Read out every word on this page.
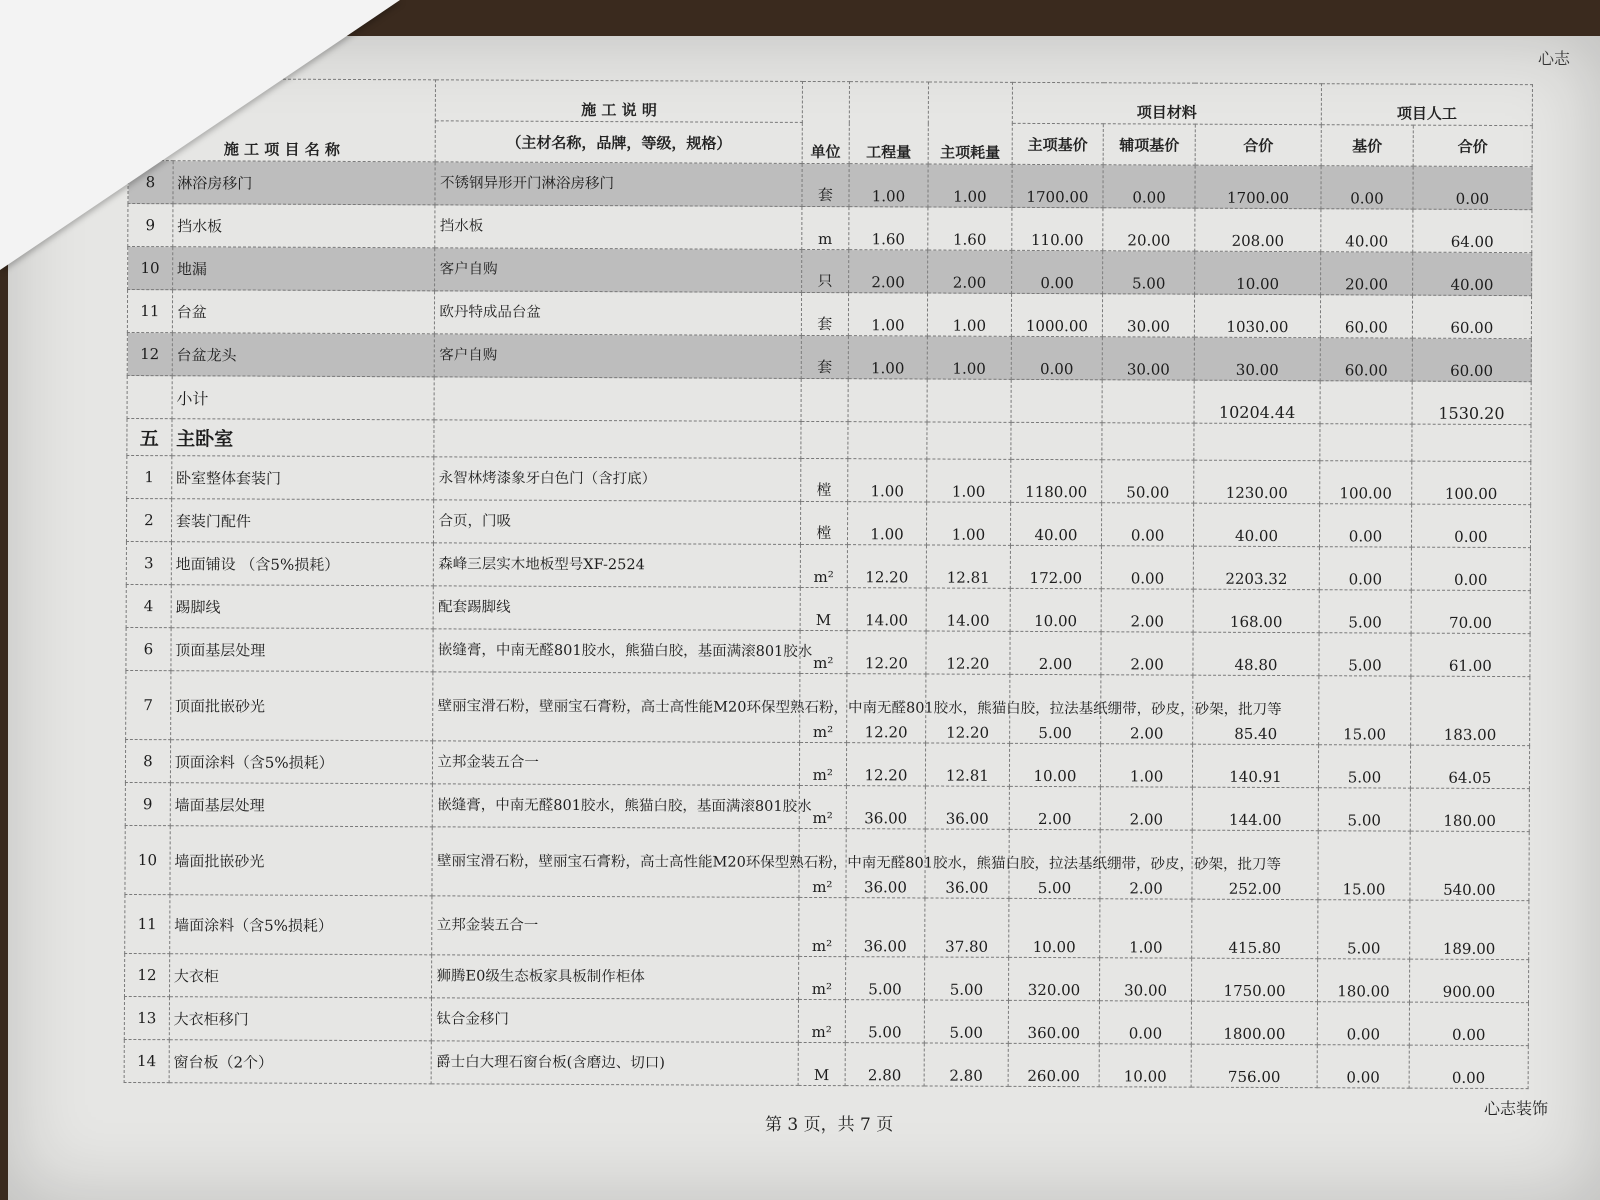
心志
施 工 项 目 名 称		施 工 说 明	单位	工程量	主项耗量	项目材料			项目人工	
		（主材名称，品牌，等级，规格）				主项基价	辅项基价	合价	基价	合价
8	淋浴房移门	不锈钢异形开门淋浴房移门	套	1.00	1.00	1700.00	0.00	1700.00	0.00	0.00
9	挡水板	挡水板	m	1.60	1.60	110.00	20.00	208.00	40.00	64.00
10	地漏	客户自购	只	2.00	2.00	0.00	5.00	10.00	20.00	40.00
11	台盆	欧丹特成品台盆	套	1.00	1.00	1000.00	30.00	1030.00	60.00	60.00
12	台盆龙头	客户自购	套	1.00	1.00	0.00	30.00	30.00	60.00	60.00
	小计							10204.44		1530.20
五	主卧室									
1	卧室整体套装门	永智林烤漆象牙白色门（含打底）	樘	1.00	1.00	1180.00	50.00	1230.00	100.00	100.00
2	套装门配件	合页，门吸	樘	1.00	1.00	40.00	0.00	40.00	0.00	0.00
3	地面铺设 （含5%损耗）	森峰三层实木地板型号XF-2524	m²	12.20	12.81	172.00	0.00	2203.32	0.00	0.00
4	踢脚线	配套踢脚线	M	14.00	14.00	10.00	2.00	168.00	5.00	70.00
6	顶面基层处理	嵌缝膏，中南无醛801胶水，熊猫白胶，基面满滚801胶水	m²	12.20	12.20	2.00	2.00	48.80	5.00	61.00
7	顶面批嵌砂光	壁丽宝滑石粉，壁丽宝石膏粉，高士高性能M20环保型熟石粉，中南无醛801胶水，熊猫白胶，拉法基纸绷带，砂皮，砂架，批刀等	m²	12.20	12.20	5.00	2.00	85.40	15.00	183.00
8	顶面涂料（含5%损耗）	立邦金装五合一	m²	12.20	12.81	10.00	1.00	140.91	5.00	64.05
9	墙面基层处理	嵌缝膏，中南无醛801胶水，熊猫白胶，基面满滚801胶水	m²	36.00	36.00	2.00	2.00	144.00	5.00	180.00
10	墙面批嵌砂光	壁丽宝滑石粉，壁丽宝石膏粉，高士高性能M20环保型熟石粉，中南无醛801胶水，熊猫白胶，拉法基纸绷带，砂皮，砂架，批刀等	m²	36.00	36.00	5.00	2.00	252.00	15.00	540.00
11	墙面涂料（含5%损耗）	立邦金装五合一	m²	36.00	37.80	10.00	1.00	415.80	5.00	189.00
12	大衣柜	狮腾E0级生态板家具板制作柜体	m²	5.00	5.00	320.00	30.00	1750.00	180.00	900.00
13	大衣柜移门	钛合金移门	m²	5.00	5.00	360.00	0.00	1800.00	0.00	0.00
14	窗台板（2个）	爵士白大理石窗台板(含磨边、切口)	M	2.80	2.80	260.00	10.00	756.00	0.00	0.00
第 3 页，共 7 页
心志装饰
